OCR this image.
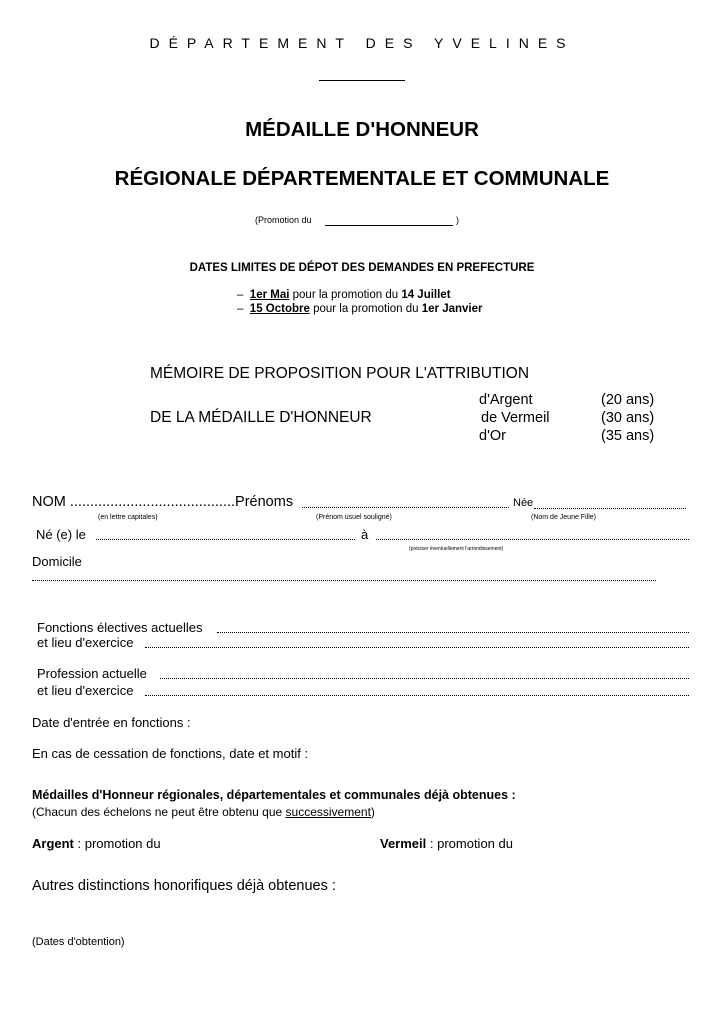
DÉPARTEMENT DES YVELINES
MÉDAILLE D'HONNEUR
RÉGIONALE DÉPARTEMENTALE ET COMMUNALE
(Promotion du	)
DATES LIMITES DE DÉPOT DES DEMANDES EN PREFECTURE
– 1er Mai pour la promotion du 14 Juillet
– 15 Octobre pour la promotion du 1er Janvier
MÉMOIRE DE PROPOSITION POUR L'ATTRIBUTION
DE LA MÉDAILLE D'HONNEUR
d'Argent	(20 ans)
de Vermeil	(30 ans)
d'Or	(35 ans)
NOM .........................................Prénoms	Née
(en lettre capitales)	(Prénom usuel souligné)	(Nom de Jeune Fille)
Né (e) le	à
(préciser éventuellement l'arrondissement)
Domicile
Fonctions électives actuelles
et lieu d'exercice
Profession actuelle
et lieu d'exercice
Date d'entrée en fonctions :
En cas de cessation de fonctions, date et motif :
Médailles d'Honneur régionales, départementales et communales déjà obtenues :
(Chacun des échelons ne peut être obtenu que successivement)
Argent : promotion du	Vermeil : promotion du
Autres distinctions honorifiques déjà obtenues :
(Dates d'obtention)
